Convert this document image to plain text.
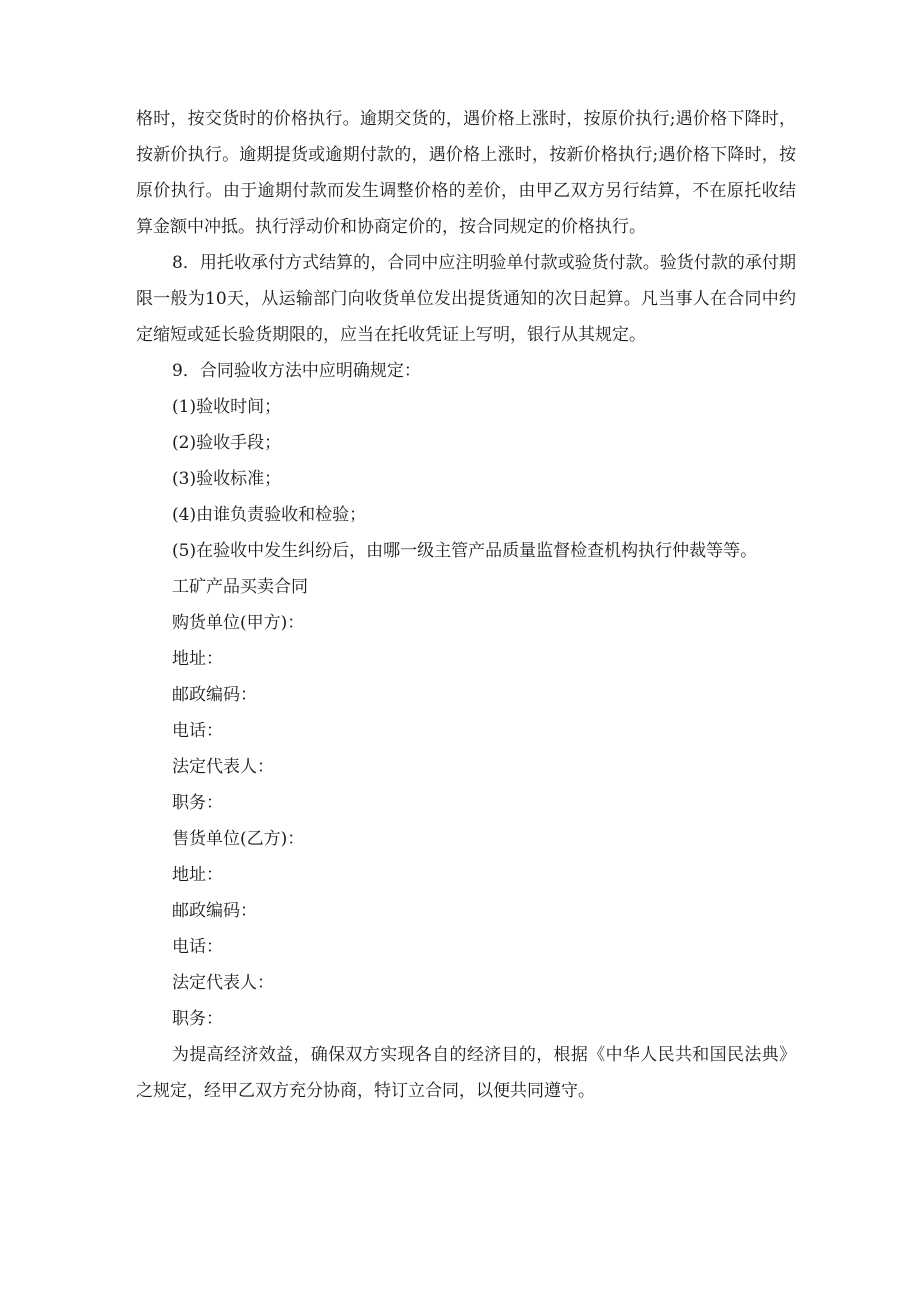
格时，按交货时的价格执行。逾期交货的，遇价格上涨时，按原价执行;遇价格下降时，按新价执行。逾期提货或逾期付款的，遇价格上涨时，按新价格执行;遇价格下降时，按原价执行。由于逾期付款而发生调整价格的差价，由甲乙双方另行结算，不在原托收结算金额中冲抵。执行浮动价和协商定价的，按合同规定的价格执行。

8．用托收承付方式结算的，合同中应注明验单付款或验货付款。验货付款的承付期限一般为10天，从运输部门向收货单位发出提货通知的次日起算。凡当事人在合同中约定缩短或延长验货期限的，应当在托收凭证上写明，银行从其规定。

9．合同验收方法中应明确规定：

(1)验收时间；

(2)验收手段；

(3)验收标准；

(4)由谁负责验收和检验；

(5)在验收中发生纠纷后，由哪一级主管产品质量监督检查机构执行仲裁等等。

工矿产品买卖合同

购货单位(甲方)：

地址：

邮政编码：

电话：

法定代表人：

职务：

售货单位(乙方)：

地址：

邮政编码：

电话：

法定代表人：

职务：

为提高经济效益，确保双方实现各自的经济目的，根据《中华人民共和国民法典》之规定，经甲乙双方充分协商，特订立合同，以便共同遵守。
